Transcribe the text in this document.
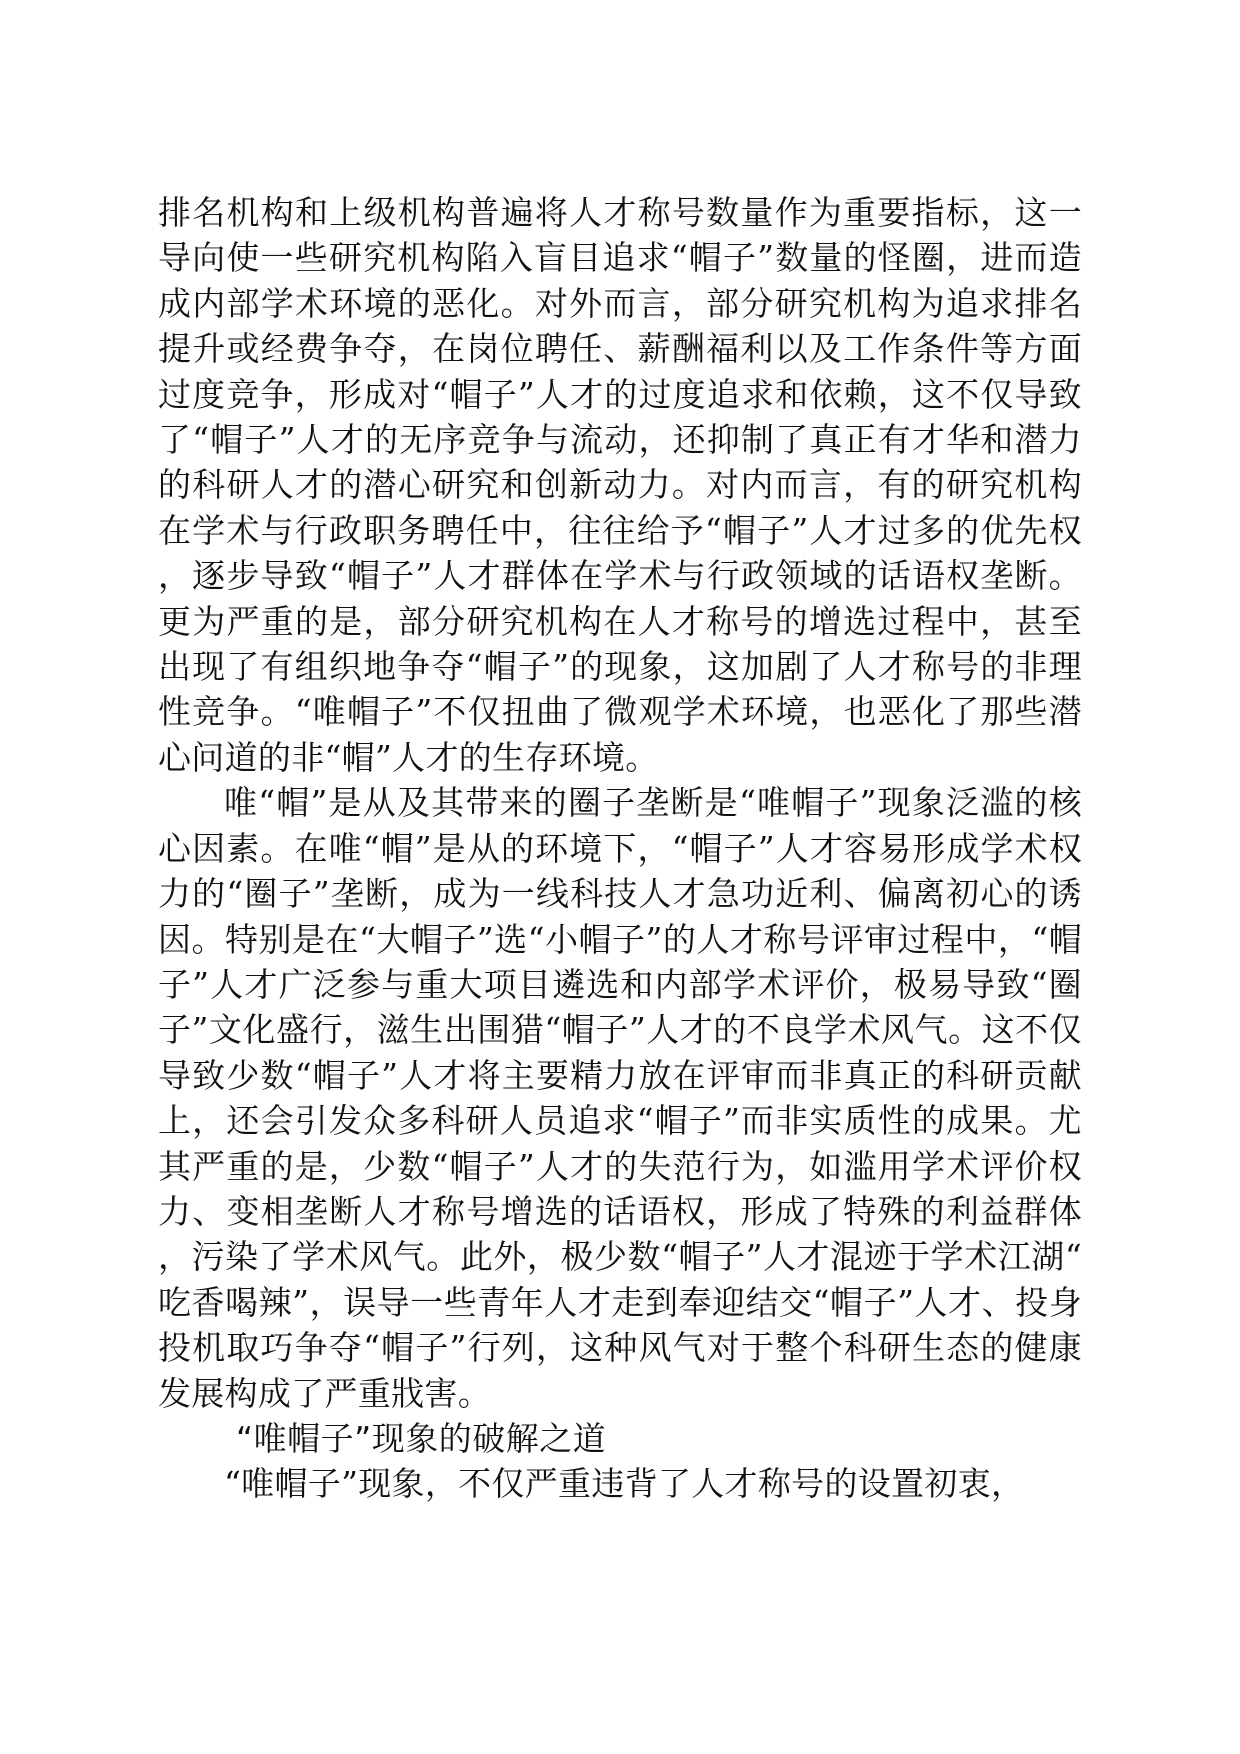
排名机构和上级机构普遍将人才称号数量作为重要指标，这一导向使一些研究机构陷入盲目追求“帽子”数量的怪圈，进而造成内部学术环境的恶化。对外而言，部分研究机构为追求排名提升或经费争夺，在岗位聘任、薪酬福利以及工作条件等方面过度竞争，形成对“帽子”人才的过度追求和依赖，这不仅导致了“帽子”人才的无序竞争与流动，还抑制了真正有才华和潜力的科研人才的潜心研究和创新动力。对内而言，有的研究机构在学术与行政职务聘任中，往往给予“帽子”人才过多的优先权，逐步导致“帽子”人才群体在学术与行政领域的话语权垄断。更为严重的是，部分研究机构在人才称号的增选过程中，甚至出现了有组织地争夺“帽子”的现象，这加剧了人才称号的非理性竞争。“唯帽子”不仅扭曲了微观学术环境，也恶化了那些潜心问道的非“帽”人才的生存环境。

唯“帽”是从及其带来的圈子垄断是“唯帽子”现象泛滥的核心因素。在唯“帽”是从的环境下，“帽子”人才容易形成学术权力的“圈子”垄断，成为一线科技人才急功近利、偏离初心的诱因。特别是在“大帽子”选“小帽子”的人才称号评审过程中，“帽子”人才广泛参与重大项目遴选和内部学术评价，极易导致“圈子”文化盛行，滋生出围猎“帽子”人才的不良学术风气。这不仅导致少数“帽子”人才将主要精力放在评审而非真正的科研贡献上，还会引发众多科研人员追求“帽子”而非实质性的成果。尤其严重的是，少数“帽子”人才的失范行为，如滥用学术评价权力、变相垄断人才称号增选的话语权，形成了特殊的利益群体，污染了学术风气。此外，极少数“帽子”人才混迹于学术江湖“吃香喝辣”，误导一些青年人才走到奉迎结交“帽子”人才、投身投机取巧争夺“帽子”行列，这种风气对于整个科研生态的健康发展构成了严重戕害。

“唯帽子”现象的破解之道

“唯帽子”现象，不仅严重违背了人才称号的设置初衷，
